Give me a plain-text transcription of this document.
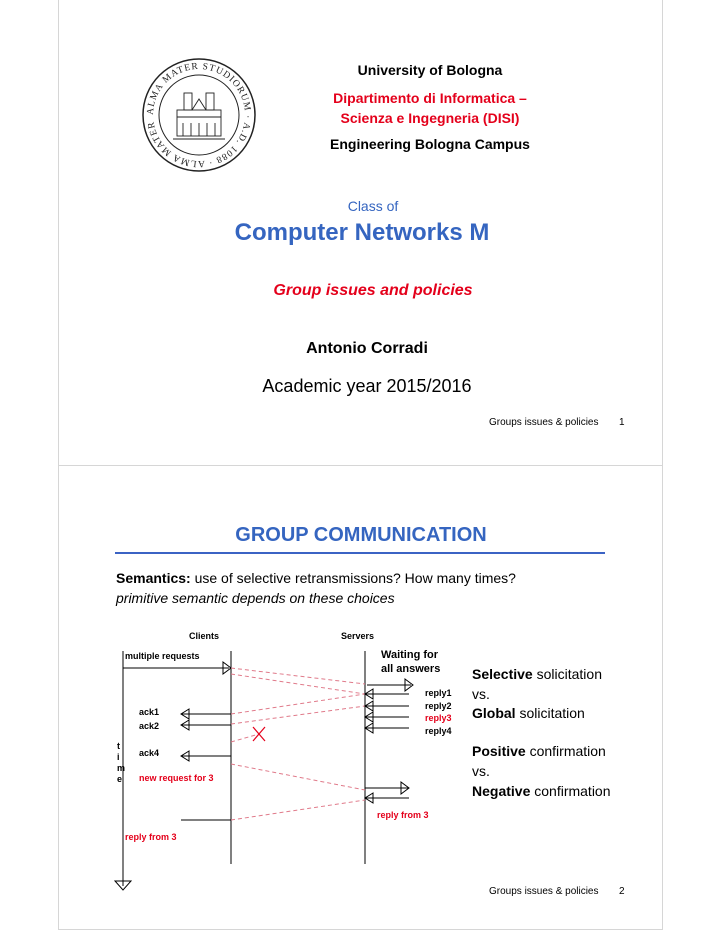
ALMA MATER STUDIORUM · A.D. 1088 · ALMA MATER
University of Bologna
Dipartimento di Informatica –
Scienza e Ingegneria (DISI)
Engineering Bologna Campus
Class of
Computer Networks M
Group issues and policies
Antonio Corradi
Academic year 2015/2016
Groups issues & policies 1
GROUP COMMUNICATION
Semantics: use of selective retransmissions? How many times?
primitive semantic depends on these choices
Clients	Servers
multiple requests	Waiting for
all answers
reply1
reply2
reply3
reply4
ack1
ack2
ack4
t
i
m
e new request for 3
reply from 3
reply from 3
Selective solicitation
vs.
Global solicitation
Positive confirmation
vs.
Negative confirmation
Groups issues & policies 2
